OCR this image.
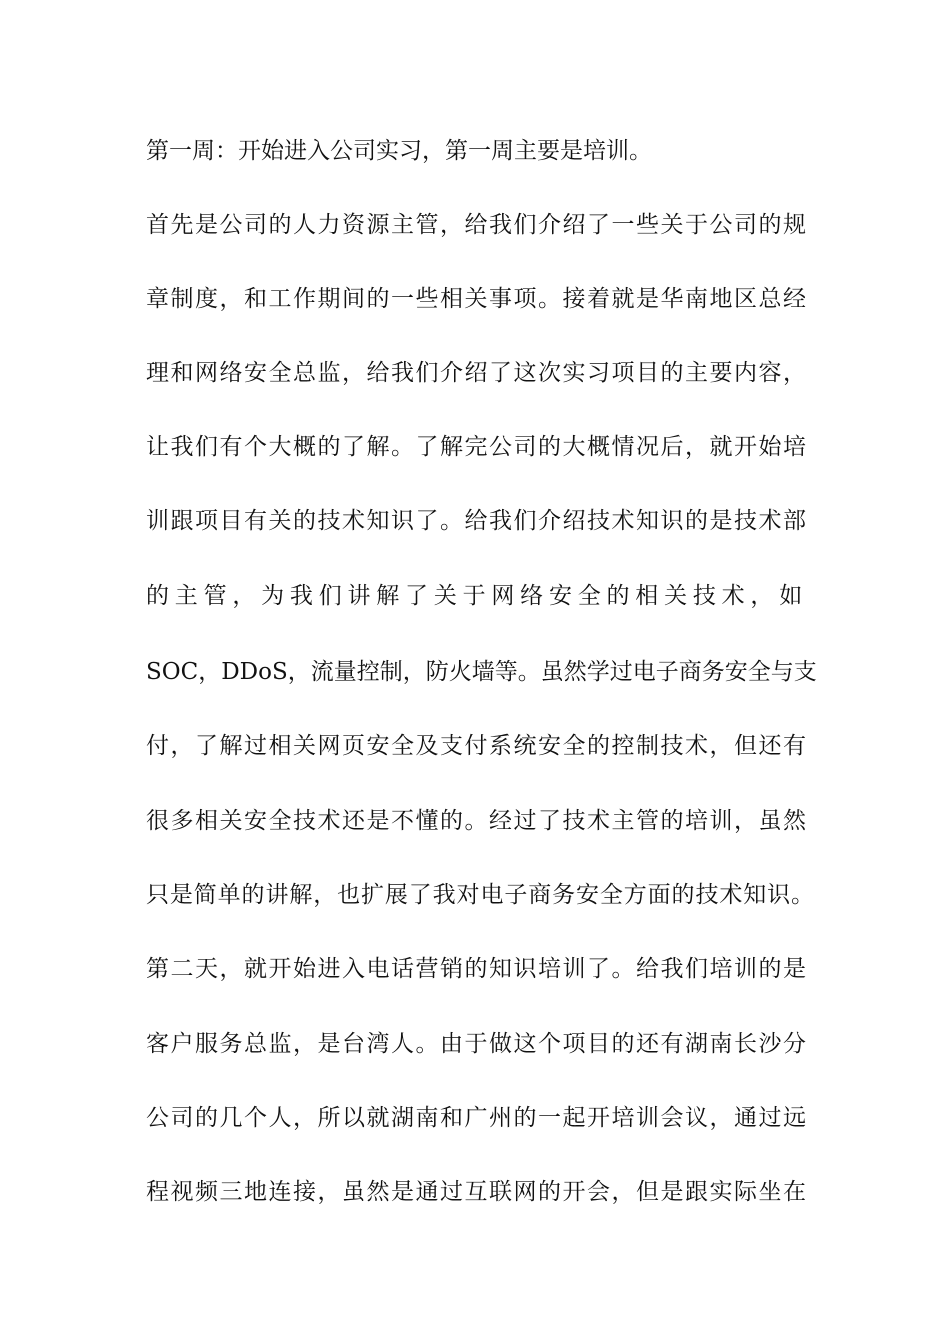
第一周：开始进入公司实习，第一周主要是培训。
首先是公司的人力资源主管，给我们介绍了一些关于公司的规
章制度，和工作期间的一些相关事项。接着就是华南地区总经
理和网络安全总监，给我们介绍了这次实习项目的主要内容，
让我们有个大概的了解。了解完公司的大概情况后，就开始培
训跟项目有关的技术知识了。给我们介绍技术知识的是技术部
的主管，为我们讲解了关于网络安全的相关技术，如
SOC，DDoS，流量控制，防火墙等。虽然学过电子商务安全与支
付，了解过相关网页安全及支付系统安全的控制技术，但还有
很多相关安全技术还是不懂的。经过了技术主管的培训，虽然
只是简单的讲解，也扩展了我对电子商务安全方面的技术知识。
第二天，就开始进入电话营销的知识培训了。给我们培训的是
客户服务总监，是台湾人。由于做这个项目的还有湖南长沙分
公司的几个人，所以就湖南和广州的一起开培训会议，通过远
程视频三地连接，虽然是通过互联网的开会，但是跟实际坐在
